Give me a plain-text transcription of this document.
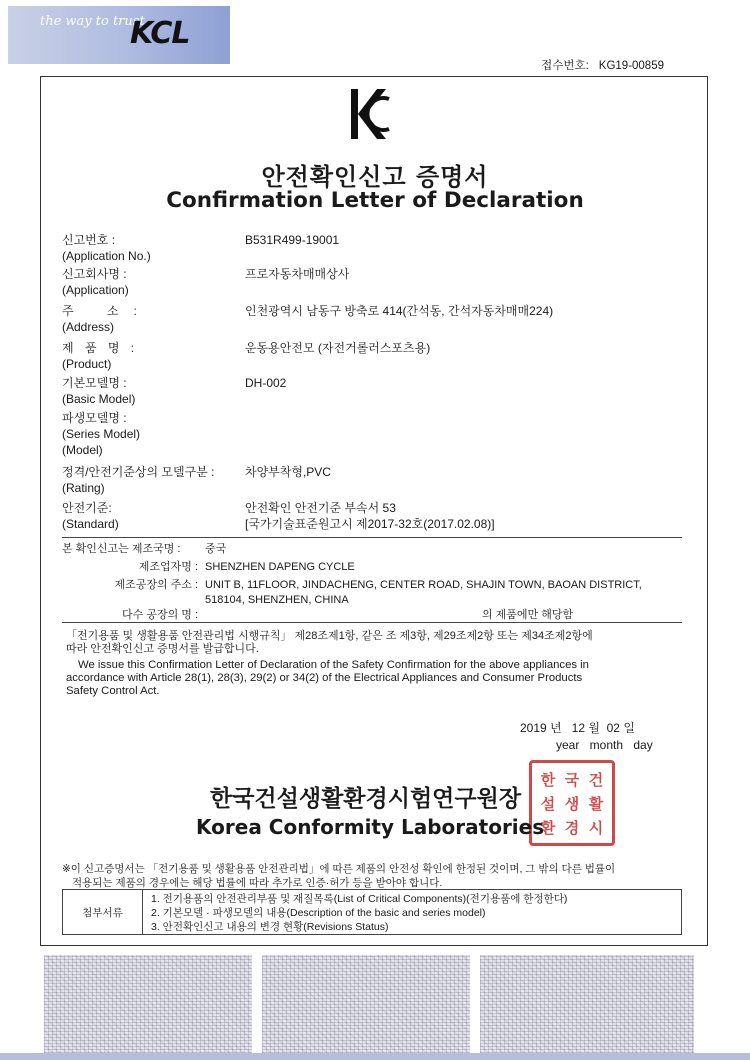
the way to trust
KCL
접수번호: KG19-00859
안전확인신고 증명서
Confirmation Letter of Declaration
신고번호 :
(Application No.)
B531R499-19001
신고회사명 :
(Application)
프로자동차매매상사
주 소:
(Address)
인천광역시 남동구 방축로 414(간석동, 간석자동차매매224)
제 품 명 :
(Product)
운동용안전모 (자전거롤러스포츠용)
기본모델명 :
(Basic Model)
DH-002
파생모델명 :
(Series Model)
(Model)
정격/안전기준상의 모델구분 :
(Rating)
차양부착형,PVC
안전기준:
(Standard)
안전확인 안전기준 부속서 53
[국가기술표준원고시 제2017-32호(2017.02.08)]
본 확인신고는 제조국명 : 중국
제조업자명 : SHENZHEN DAPENG CYCLE
제조공장의 주소 : UNIT B, 11FLOOR, JINDACHENG, CENTER ROAD, SHAJIN TOWN, BAOAN DISTRICT,
518104, SHENZHEN, CHINA
다수 공장의 명 :	의 제품에만 해당함
「전기용품 및 생활용품 안전관리법 시행규칙」 제28조제1항, 같은 조 제3항, 제29조제2항 또는 제34조제2항에
따라 안전확인신고 증명서를 발급합니다.
We issue this Confirmation Letter of Declaration of the Safety Confirmation for the above appliances in
accordance with Article 28(1), 28(3), 29(2) or 34(2) of the Electrical Appliances and Consumer Products
Safety Control Act.
2019 년 12 월 02 일
year month day
한 국 건
설 생 활
환 경 시
한국건설생활환경시험연구원장
Korea Conformity Laboratories
※이 신고증명서는 「전기용품 및 생활용품 안전관리법」에 따른 제품의 안전성 확인에 한정된 것이며, 그 밖의 다른 법률이
적용되는 제품의 경우에는 해당 법률에 따라 추가로 인증·허가 등을 받아야 합니다.
첨부서류
1. 전기용품의 안전관리부품 및 재질목록(List of Critical Components)(전기용품에 한정한다)
2. 기본모델 · 파생모델의 내용(Description of the basic and series model)
3. 안전확인신고 내용의 변경 현황(Revisions Status)
